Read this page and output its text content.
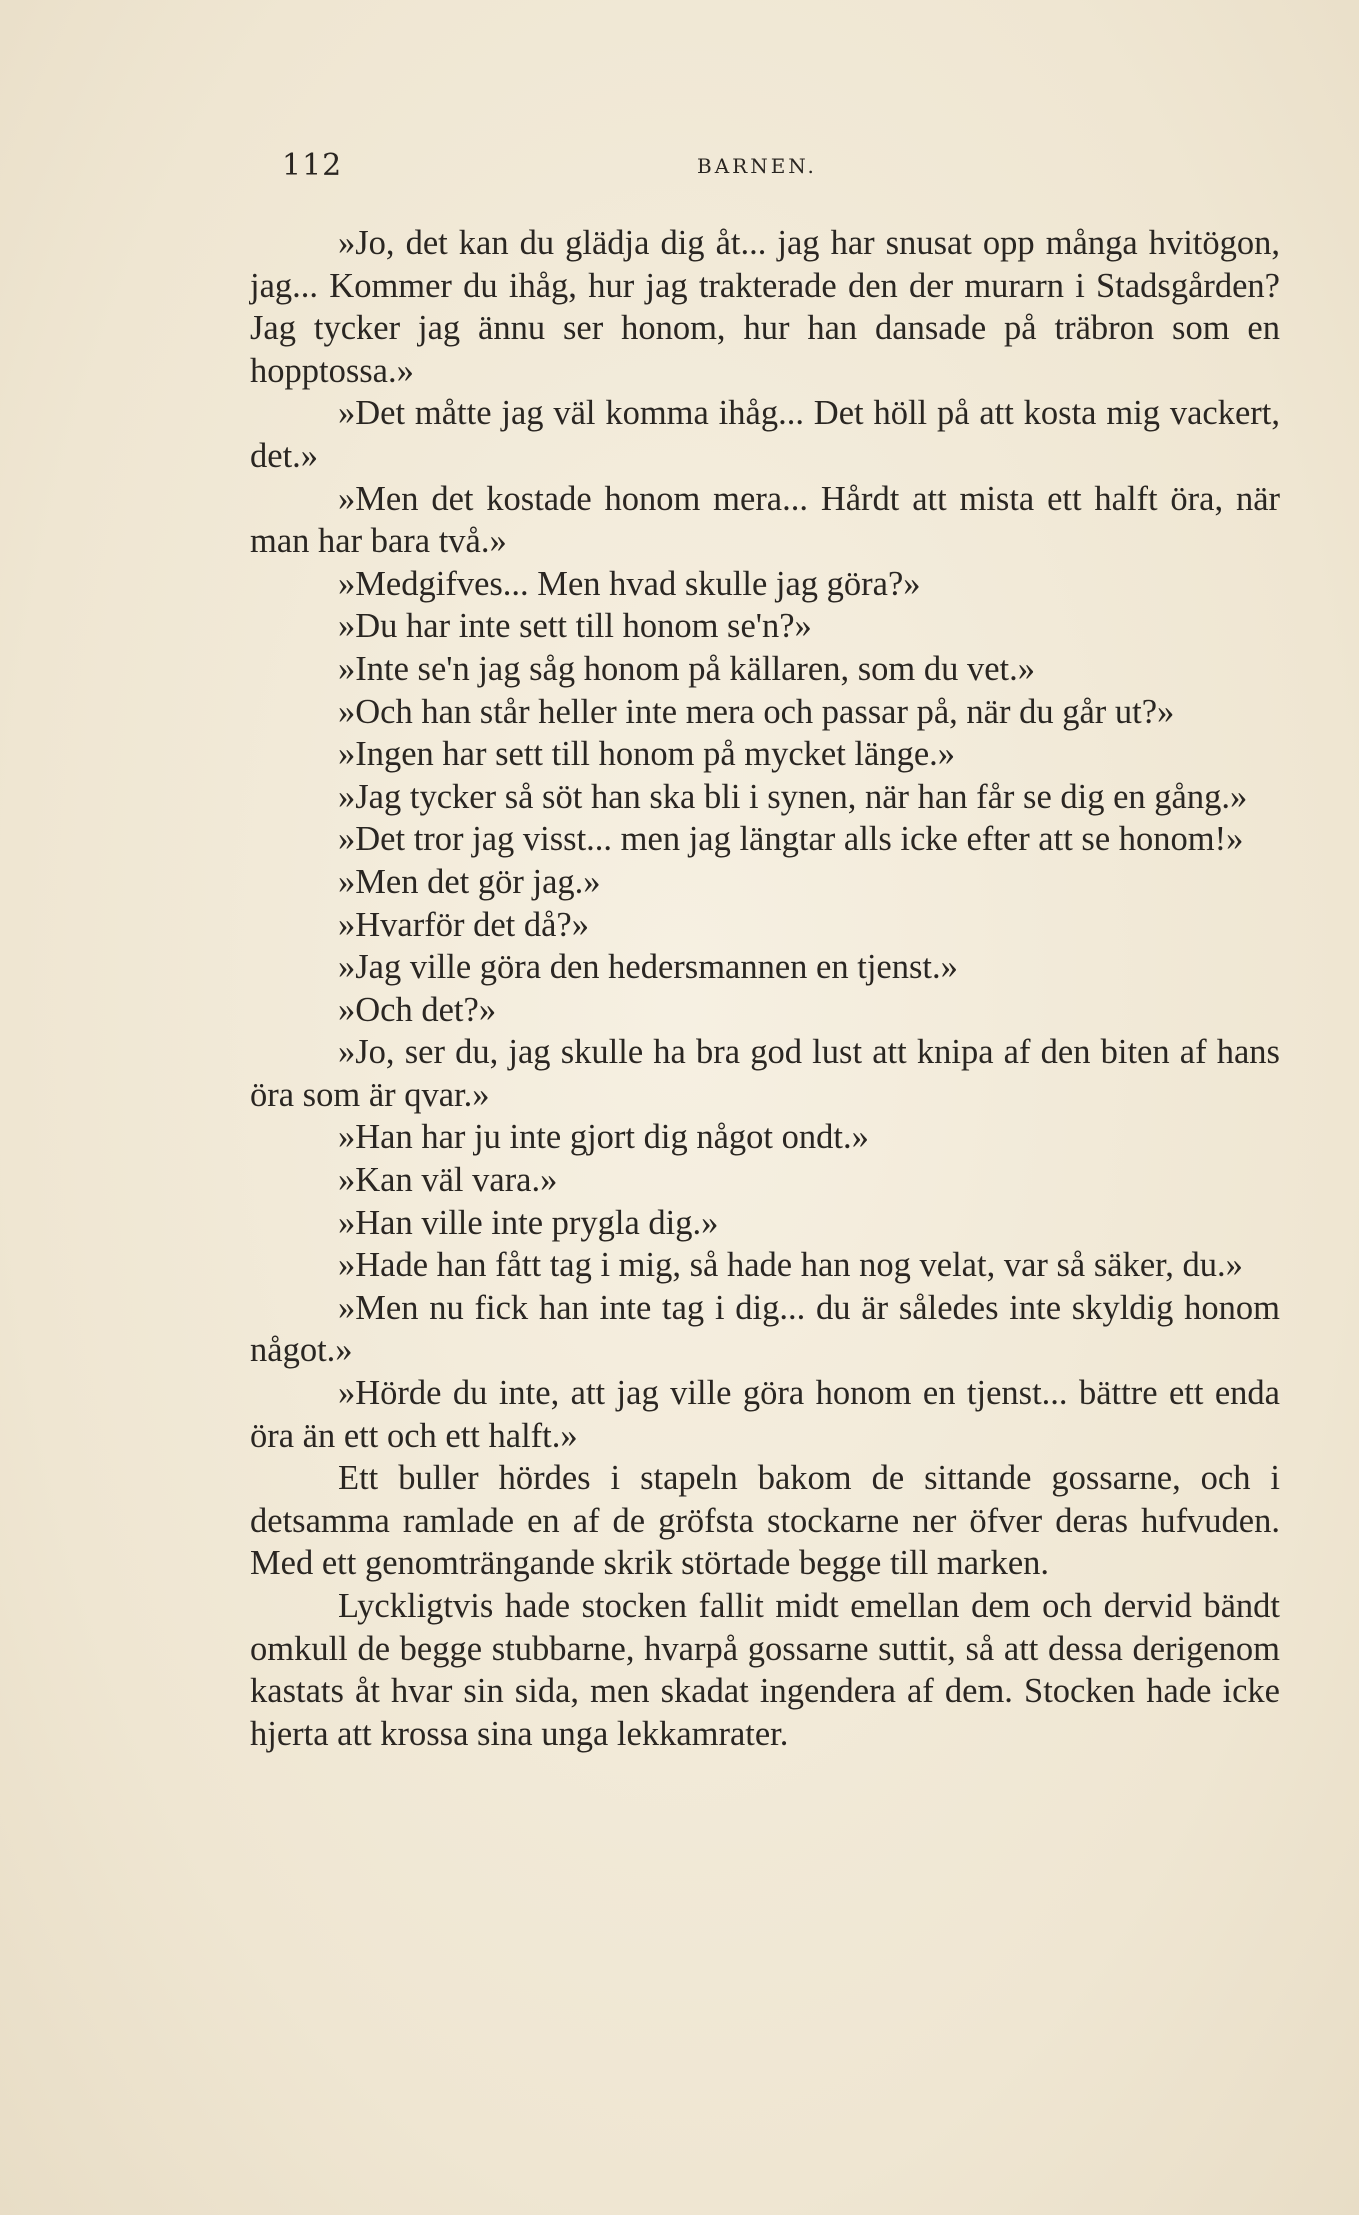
112	BARNEN.

»Jo, det kan du glädja dig åt... jag har snusat opp många hvitögon, jag... Kommer du ihåg, hur jag trakterade den der murarn i Stadsgården? Jag tycker jag ännu ser honom, hur han dansade på träbron som en hopptossa.»

»Det måtte jag väl komma ihåg... Det höll på att kosta mig vackert, det.»

»Men det kostade honom mera... Hårdt att mista ett halft öra, när man har bara två.»

»Medgifves... Men hvad skulle jag göra?»

»Du har inte sett till honom se'n?»

»Inte se'n jag såg honom på källaren, som du vet.»

»Och han står heller inte mera och passar på, när du går ut?»

»Ingen har sett till honom på mycket länge.»

»Jag tycker så söt han ska bli i synen, när han får se dig en gång.»

»Det tror jag visst... men jag längtar alls icke efter att se honom!»

»Men det gör jag.»

»Hvarför det då?»

»Jag ville göra den hedersmannen en tjenst.»

»Och det?»

»Jo, ser du, jag skulle ha bra god lust att knipa af den biten af hans öra som är qvar.»

»Han har ju inte gjort dig något ondt.»

»Kan väl vara.»

»Han ville inte prygla dig.»

»Hade han fått tag i mig, så hade han nog velat, var så säker, du.»

»Men nu fick han inte tag i dig... du är således inte skyldig honom något.»

»Hörde du inte, att jag ville göra honom en tjenst... bättre ett enda öra än ett och ett halft.»

Ett buller hördes i stapeln bakom de sittande gossarne, och i detsamma ramlade en af de gröfsta stockarne ner öfver deras hufvuden. Med ett genomträngande skrik störtade begge till marken.

Lyckligtvis hade stocken fallit midt emellan dem och dervid bändt omkull de begge stubbarne, hvarpå gossarne suttit, så att dessa derigenom kastats åt hvar sin sida, men skadat ingendera af dem. Stocken hade icke hjerta att krossa sina unga lekkamrater.
